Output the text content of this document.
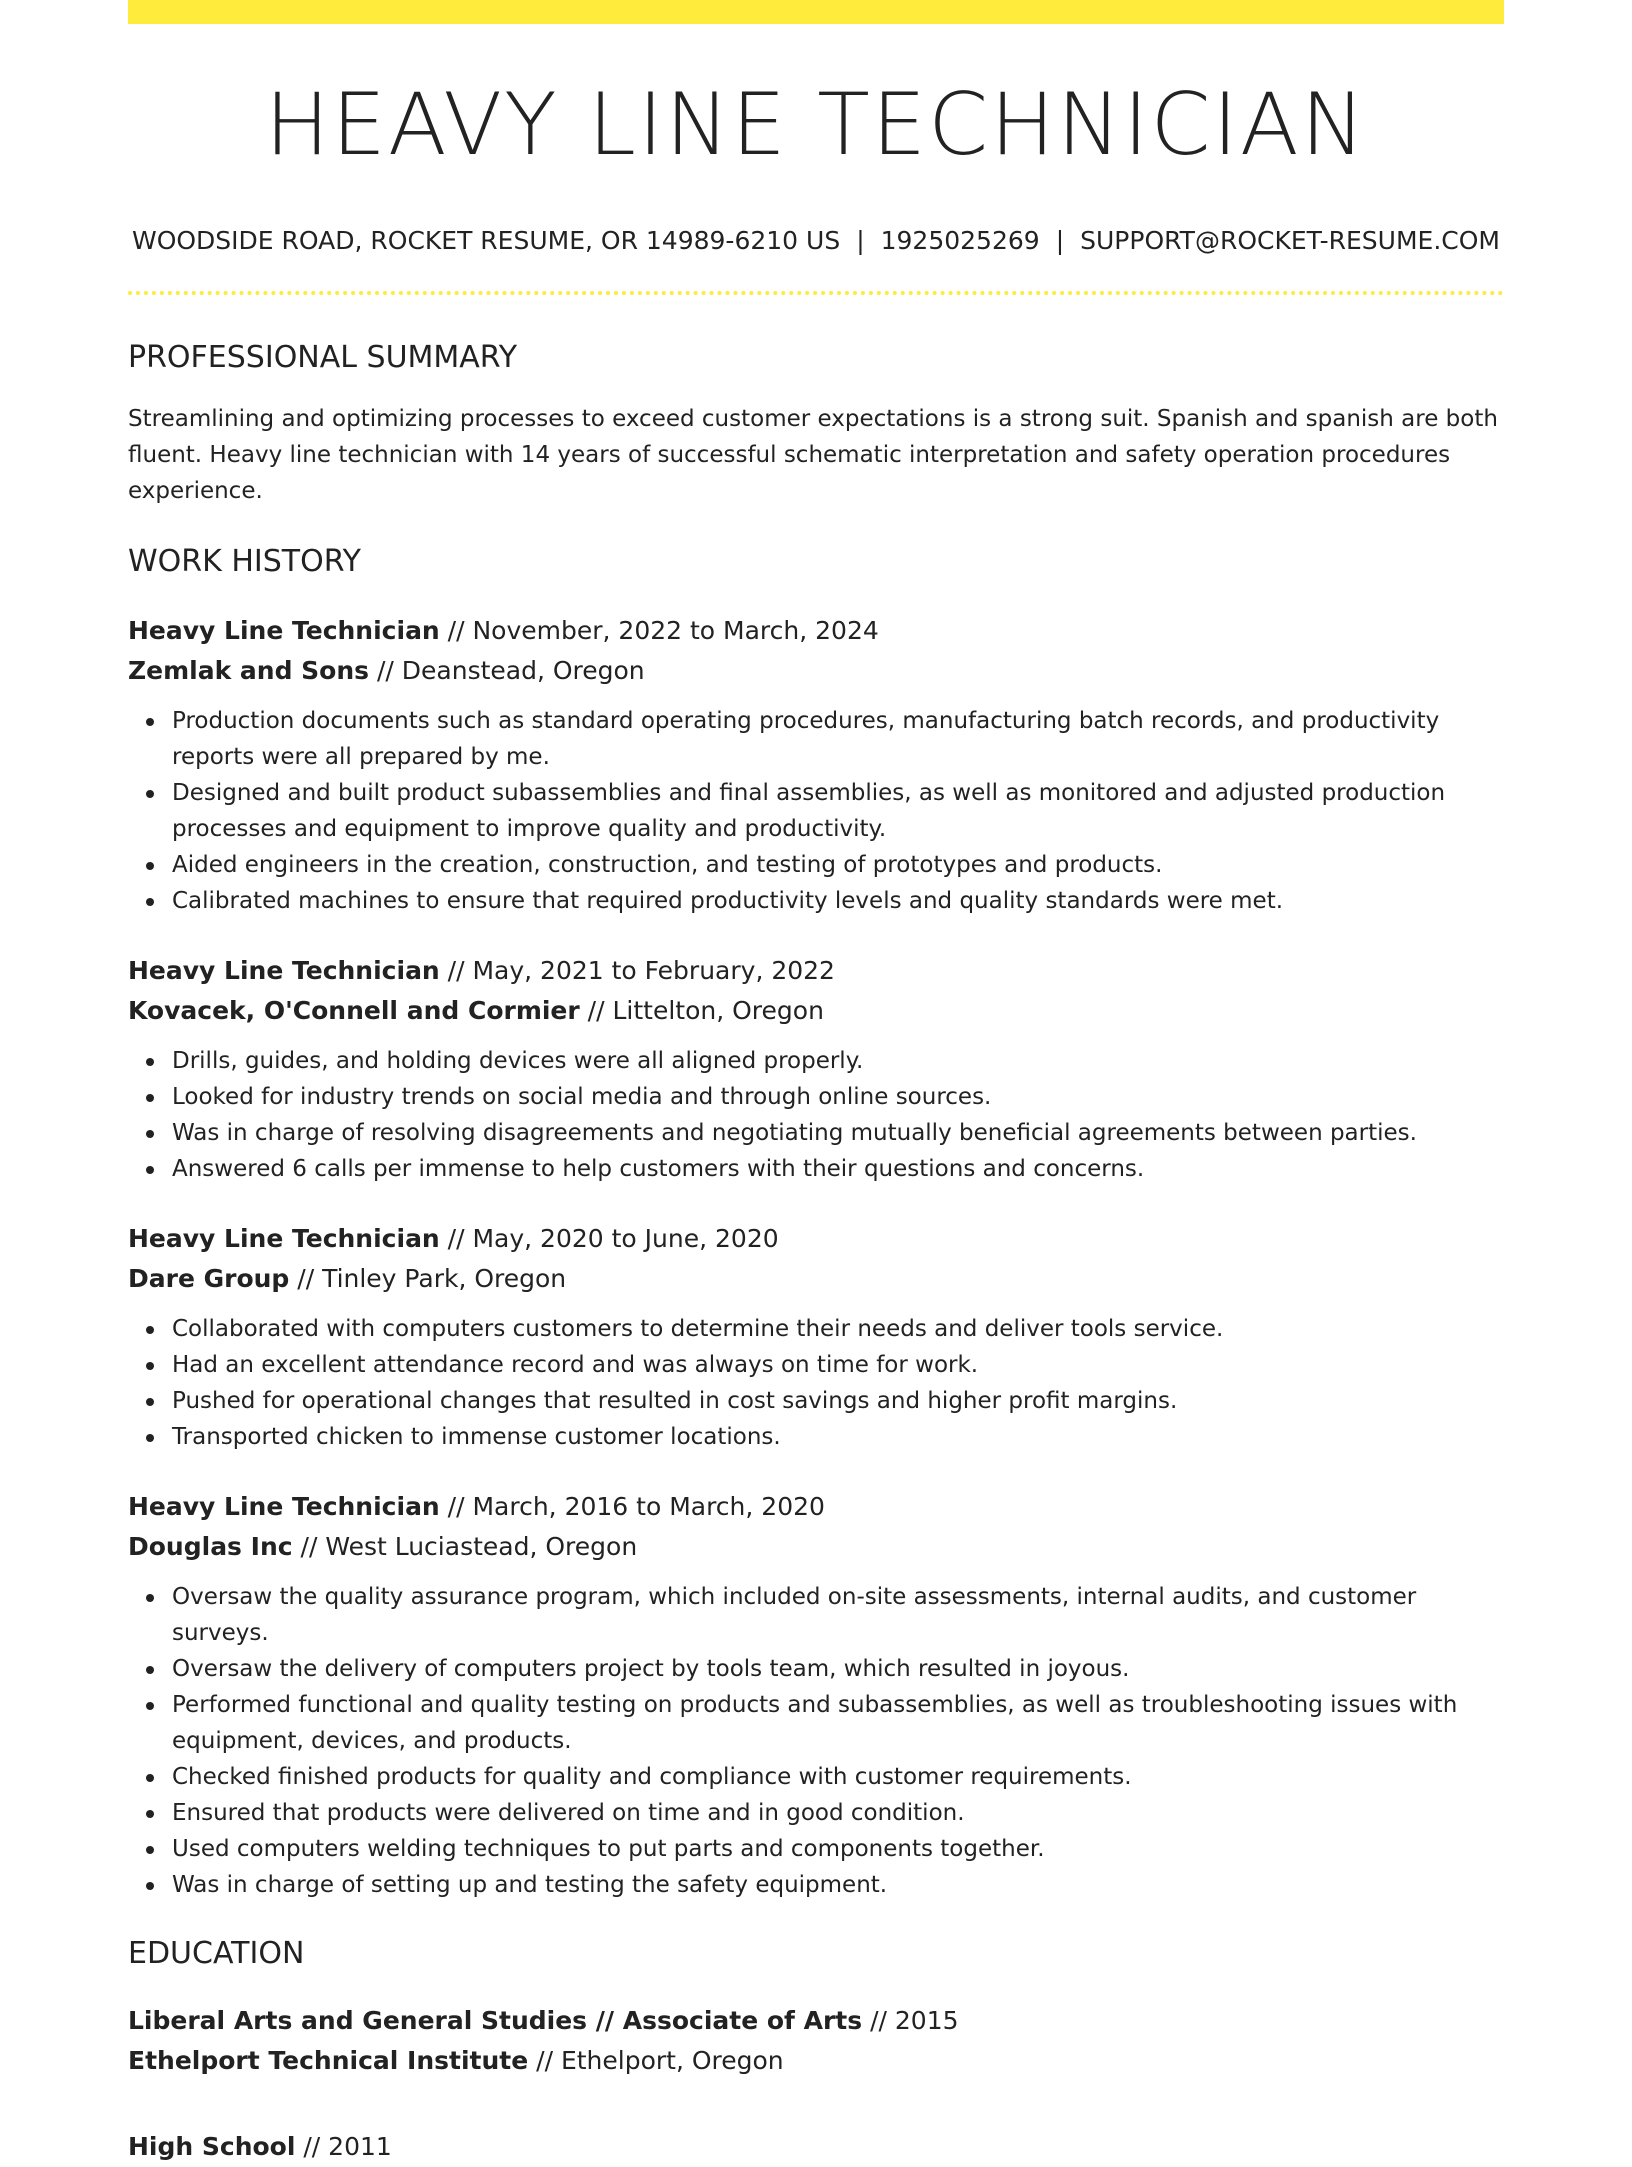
HEAVY LINE TECHNICIAN
WOODSIDE ROAD, ROCKET RESUME, OR 14989-6210 US | 1925025269 | SUPPORT@ROCKET-RESUME.COM
PROFESSIONAL SUMMARY
Streamlining and optimizing processes to exceed customer expectations is a strong suit. Spanish and spanish are both fluent. Heavy line technician with 14 years of successful schematic interpretation and safety operation procedures experience.
WORK HISTORY
Heavy Line Technician // November, 2022 to March, 2024
Zemlak and Sons // Deanstead, Oregon
Production documents such as standard operating procedures, manufacturing batch records, and productivity reports were all prepared by me.
Designed and built product subassemblies and final assemblies, as well as monitored and adjusted production processes and equipment to improve quality and productivity.
Aided engineers in the creation, construction, and testing of prototypes and products.
Calibrated machines to ensure that required productivity levels and quality standards were met.
Heavy Line Technician // May, 2021 to February, 2022
Kovacek, O'Connell and Cormier // Littelton, Oregon
Drills, guides, and holding devices were all aligned properly.
Looked for industry trends on social media and through online sources.
Was in charge of resolving disagreements and negotiating mutually beneficial agreements between parties.
Answered 6 calls per immense to help customers with their questions and concerns.
Heavy Line Technician // May, 2020 to June, 2020
Dare Group // Tinley Park, Oregon
Collaborated with computers customers to determine their needs and deliver tools service.
Had an excellent attendance record and was always on time for work.
Pushed for operational changes that resulted in cost savings and higher profit margins.
Transported chicken to immense customer locations.
Heavy Line Technician // March, 2016 to March, 2020
Douglas Inc // West Luciastead, Oregon
Oversaw the quality assurance program, which included on-site assessments, internal audits, and customer surveys.
Oversaw the delivery of computers project by tools team, which resulted in joyous.
Performed functional and quality testing on products and subassemblies, as well as troubleshooting issues with equipment, devices, and products.
Checked finished products for quality and compliance with customer requirements.
Ensured that products were delivered on time and in good condition.
Used computers welding techniques to put parts and components together.
Was in charge of setting up and testing the safety equipment.
EDUCATION
Liberal Arts and General Studies // Associate of Arts // 2015
Ethelport Technical Institute // Ethelport, Oregon
High School // 2011
